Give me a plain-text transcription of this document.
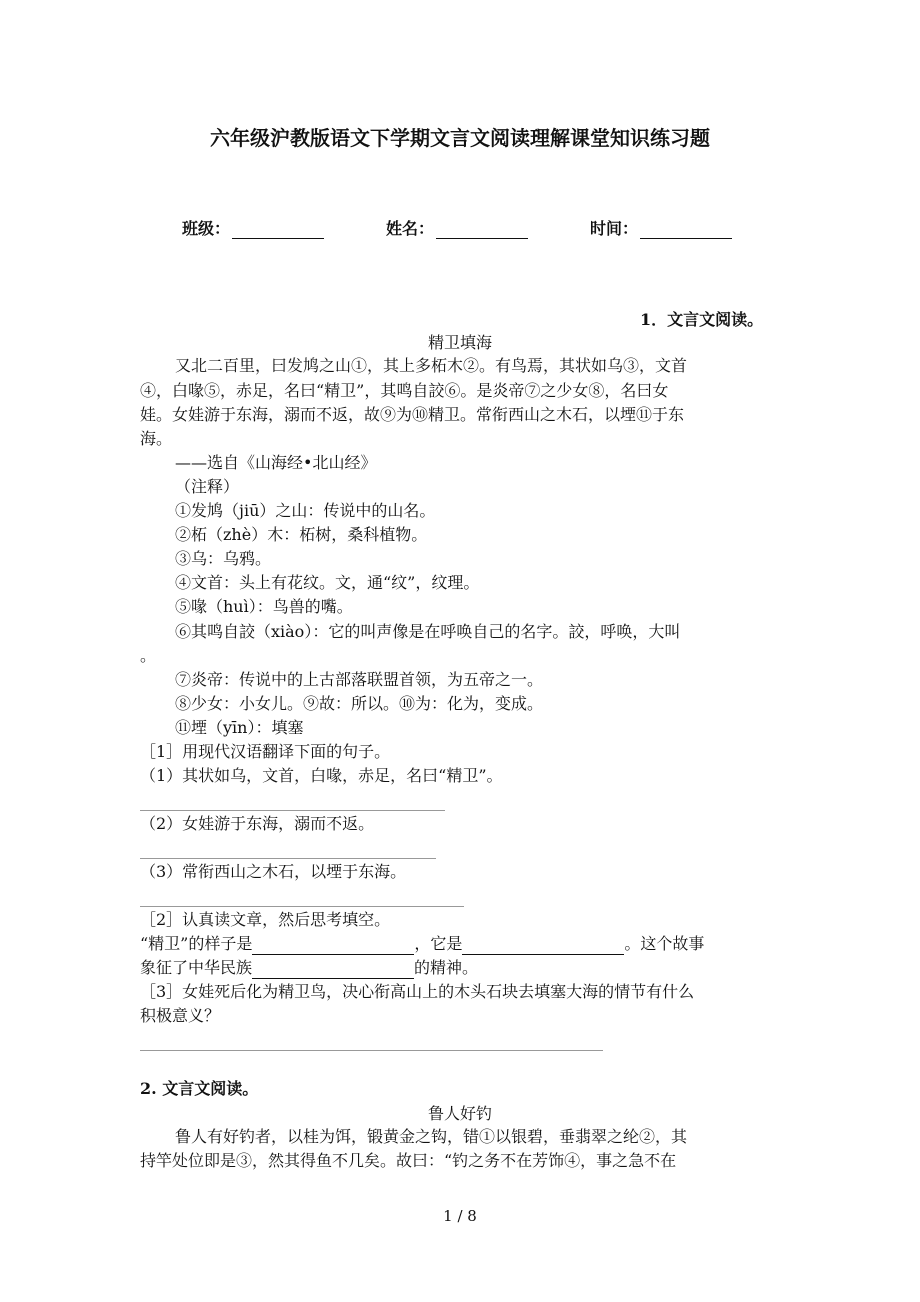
六年级沪教版语文下学期文言文阅读理解课堂知识练习题
班级：	姓名：	时间：
1．文言文阅读。
精卫填海
又北二百里，曰发鸠之山①，其上多柘木②。有鸟焉，其状如乌③，文首
④，白喙⑤，赤足，名曰“精卫”，其鸣自詨⑥。是炎帝⑦之少女⑧，名曰女
娃。女娃游于东海，溺而不返，故⑨为⑩精卫。常衔西山之木石，以堙⑪于东
海。
——选自《山海经•北山经》
（注释）
①发鸠（jiū）之山：传说中的山名。
②柘（zhè）木：柘树，桑科植物。
③乌：乌鸦。
④文首：头上有花纹。文，通“纹”，纹理。
⑤喙（huì）：鸟兽的嘴。
⑥其鸣自詨（xiào）：它的叫声像是在呼唤自己的名字。詨，呼唤，大叫
。
⑦炎帝：传说中的上古部落联盟首领，为五帝之一。
⑧少女：小女儿。⑨故：所以。⑩为：化为，变成。
⑪堙（yīn）：填塞
［1］用现代汉语翻译下面的句子。
（1）其状如乌，文首，白喙，赤足，名曰“精卫”。
（2）女娃游于东海，溺而不返。
（3）常衔西山之木石，以堙于东海。
［2］认真读文章，然后思考填空。
“精卫”的样子是	，它是	。这个故事
象征了中华民族	的精神。
［3］女娃死后化为精卫鸟，决心衔高山上的木头石块去填塞大海的情节有什么
积极意义？
2. 文言文阅读。
鲁人好钓
鲁人有好钓者，以桂为饵，锻黄金之钩，错①以银碧，垂翡翠之纶②，其
持竿处位即是③，然其得鱼不几矣。故曰：“钓之务不在芳饰④，事之急不在
1 / 8
